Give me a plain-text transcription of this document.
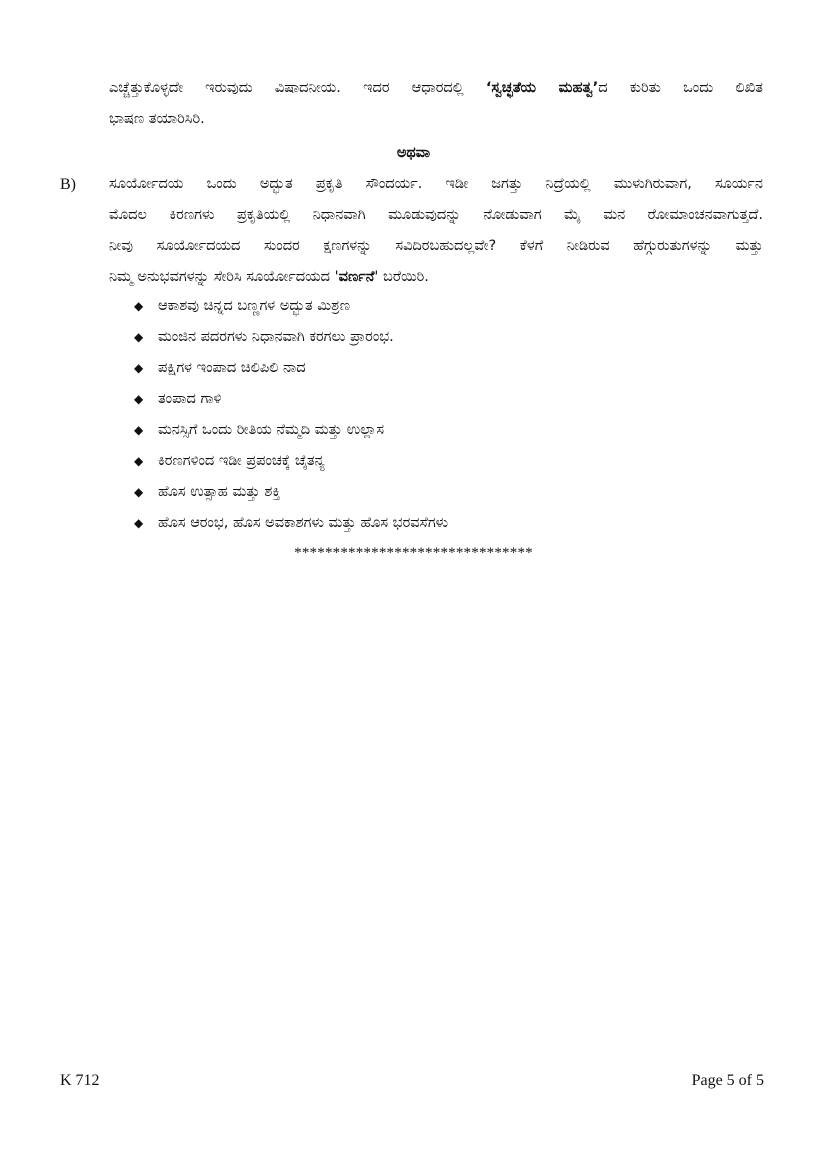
ಎಚ್ಚೆತ್ತುಕೊಳ್ಳದೇ ಇರುವುದು ವಿಷಾದನೀಯ. ಇದರ ಆಧಾರದಲ್ಲಿ ‘ಸ್ವಚ್ಛತೆಯ ಮಹತ್ವ’ದ ಕುರಿತು ಒಂದು ಲಿಖಿತ
ಭಾಷಣ ತಯಾರಿಸಿರಿ.
ಅಥವಾ
B) ಸೂರ್ಯೋದಯ ಒಂದು ಅದ್ಭುತ ಪ್ರಕೃತಿ ಸೌಂದರ್ಯ. ಇಡೀ ಜಗತ್ತು ನಿದ್ರೆಯಲ್ಲಿ ಮುಳುಗಿರುವಾಗ, ಸೂರ್ಯನ
ಮೊದಲ ಕಿರಣಗಳು ಪ್ರಕೃತಿಯಲ್ಲಿ ನಿಧಾನವಾಗಿ ಮೂಡುವುದನ್ನು ನೋಡುವಾಗ ಮೈ ಮನ ರೋಮಾಂಚನವಾಗುತ್ತದೆ.
ನೀವು ಸೂರ್ಯೋದಯದ ಸುಂದರ ಕ್ಷಣಗಳನ್ನು ಸವಿದಿರಬಹುದಲ್ಲವೇ? ಕೆಳಗೆ ನೀಡಿರುವ ಹೆಗ್ಗುರುತುಗಳನ್ನು ಮತ್ತು
ನಿಮ್ಮ ಅನುಭವಗಳನ್ನು ಸೇರಿಸಿ ಸೂರ್ಯೋದಯದ 'ವರ್ಣನೆ' ಬರೆಯಿರಿ.
◆	ಆಕಾಶವು ಚಿನ್ನದ ಬಣ್ಣಗಳ ಅದ್ಭುತ ಮಿಶ್ರಣ
◆	ಮಂಜಿನ ಪದರಗಳು ನಿಧಾನವಾಗಿ ಕರಗಲು ಪ್ರಾರಂಭ.
◆	ಪಕ್ಷಿಗಳ ಇಂಪಾದ ಚಿಲಿಪಿಲಿ ನಾದ
◆	ತಂಪಾದ ಗಾಳಿ
◆	ಮನಸ್ಸಿಗೆ ಒಂದು ರೀತಿಯ ನೆಮ್ಮದಿ ಮತ್ತು ಉಲ್ಲಾಸ
◆	ಕಿರಣಗಳಿಂದ ಇಡೀ ಪ್ರಪಂಚಕ್ಕೆ ಚೈತನ್ಯ
◆	ಹೊಸ ಉತ್ಸಾಹ ಮತ್ತು ಶಕ್ತಿ
◆	ಹೊಸ ಆರಂಭ, ಹೊಸ ಅವಕಾಶಗಳು ಮತ್ತು ಹೊಸ ಭರವಸೆಗಳು
*******************************
K 712	Page 5 of 5
